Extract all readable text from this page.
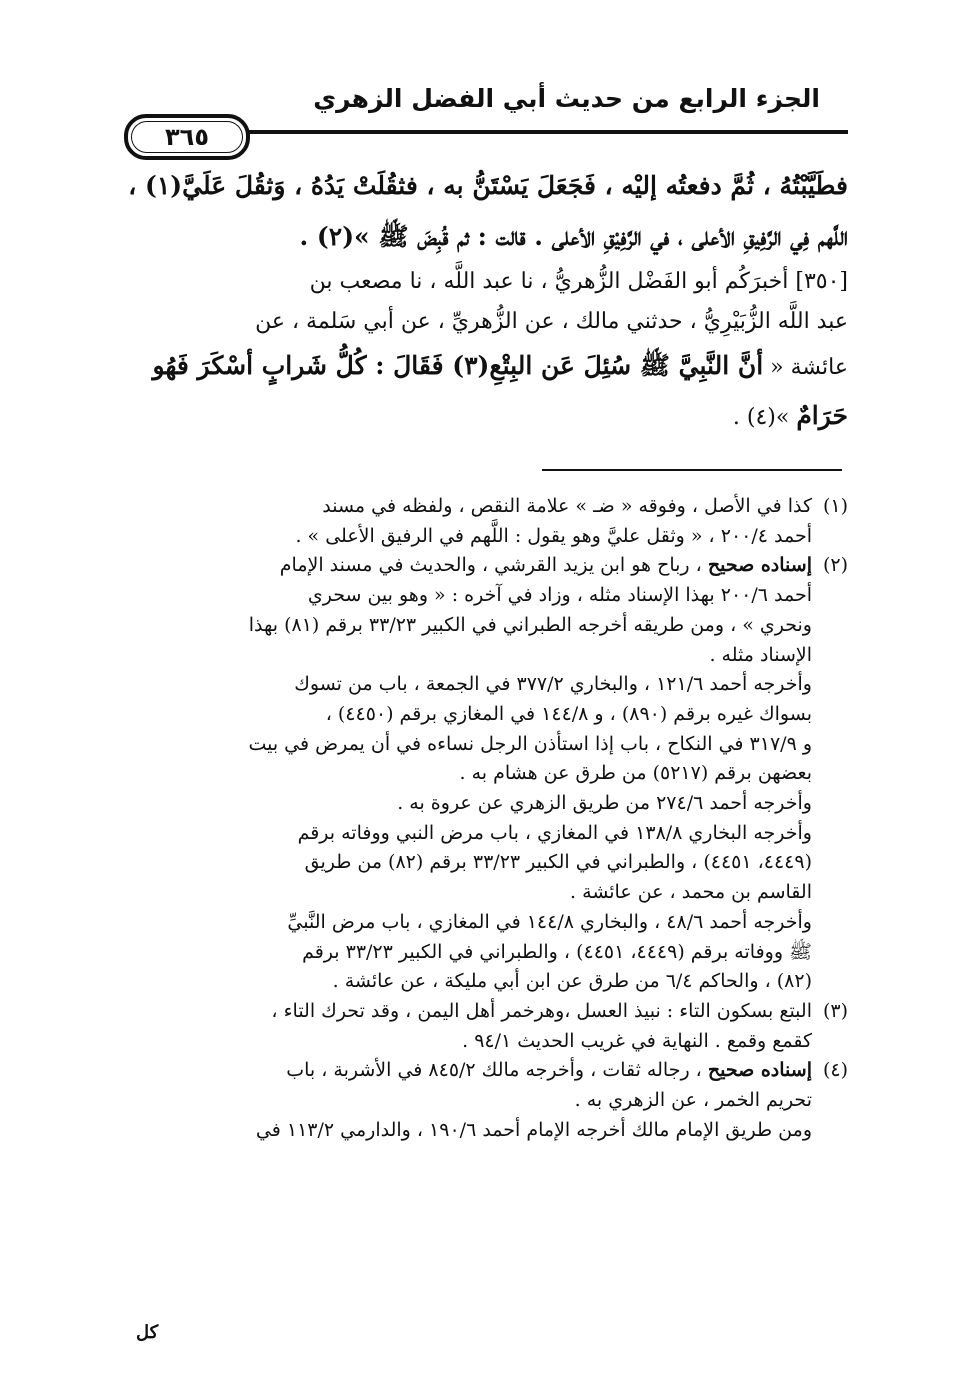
الجزء الرابع من حديث أبي الفضل الزهري
٣٦٥

فطَيَّبْتُهُ ، ثُمَّ دفعتُه إليْه ، فَجَعَلَ يَسْتَنُّ به ، فثقُلَتْ يَدُهُ ، وَثقُلَ عَلَيَّ(١) ،

اللَّهم فِي الرَّفِيقِ الأعلى ، في الرَّفِيْقِ الأعلى . قالت : ثم قُبِضَ ﷺ »(٢) .

[٣٥٠] أخبرَكُم أبو الفَضْل الزُّهريُّ ، نا عبد اللَّه ، نا مصعب بن

عبد اللَّه الزُّبَيْرِيُّ ، حدثني مالك ، عن الزُّهريِّ ، عن أبي سَلمة ، عن

عائشة « أنَّ النَّبِيَّ ﷺ سُئِلَ عَن البِتْعِ(٣) فَقَالَ : كُلُّ شَرابٍ أسْكَرَ فَهُو

حَرَامٌ »(٤) .

(١)
كذا في الأصل ، وفوقه « ضـ » علامة النقص ، ولفظه في مسند

أحمد ٢٠٠/٤ ، « وثقل عليَّ وهو يقول : اللَّهم في الرفيق الأعلى » .

(٢)
إسناده صحيح ، رباح هو ابن يزيد القرشي ، والحديث في مسند الإمام

أحمد ٢٠٠/٦ بهذا الإسناد مثله ، وزاد في آخره : « وهو بين سحري

ونحري » ، ومن طريقه أخرجه الطبراني في الكبير ٣٣/٢٣ برقم (٨١) بهذا

الإسناد مثله .

وأخرجه أحمد ١٢١/٦ ، والبخاري ٣٧٧/٢ في الجمعة ، باب من تسوك

بسواك غيره برقم (٨٩٠) ، و ١٤٤/٨ في المغازي برقم (٤٤٥٠) ،

و ٣١٧/٩ في النكاح ، باب إذا استأذن الرجل نساءه في أن يمرض في بيت

بعضهن برقم (٥٢١٧) من طرق عن هشام به .

وأخرجه أحمد ٢٧٤/٦ من طريق الزهري عن عروة به .

وأخرجه البخاري ١٣٨/٨ في المغازي ، باب مرض النبي ووفاته برقم

(٤٤٤٩، ٤٤٥١) ، والطبراني في الكبير ٣٣/٢٣ برقم (٨٢) من طريق

القاسم بن محمد ، عن عائشة .

وأخرجه أحمد ٤٨/٦ ، والبخاري ١٤٤/٨ في المغازي ، باب مرض النَّبيِّ

ﷺ ووفاته برقم (٤٤٤٩، ٤٤٥١) ، والطبراني في الكبير ٣٣/٢٣ برقم

(٨٢) ، والحاكم ٦/٤ من طرق عن ابن أبي مليكة ، عن عائشة .

(٣)
البتع بسكون التاء : نبيذ العسل ،وهرخمر أهل اليمن ، وقد تحرك التاء ،

كقمع وقمع . النهاية في غريب الحديث ٩٤/١ .

(٤)
إسناده صحيح ، رجاله ثقات ، وأخرجه مالك ٨٤٥/٢ في الأشربة ، باب

تحريم الخمر ، عن الزهري به .

ومن طريق الإمام مالك أخرجه الإمام أحمد ١٩٠/٦ ، والدارمي ١١٣/٢ في

كل
